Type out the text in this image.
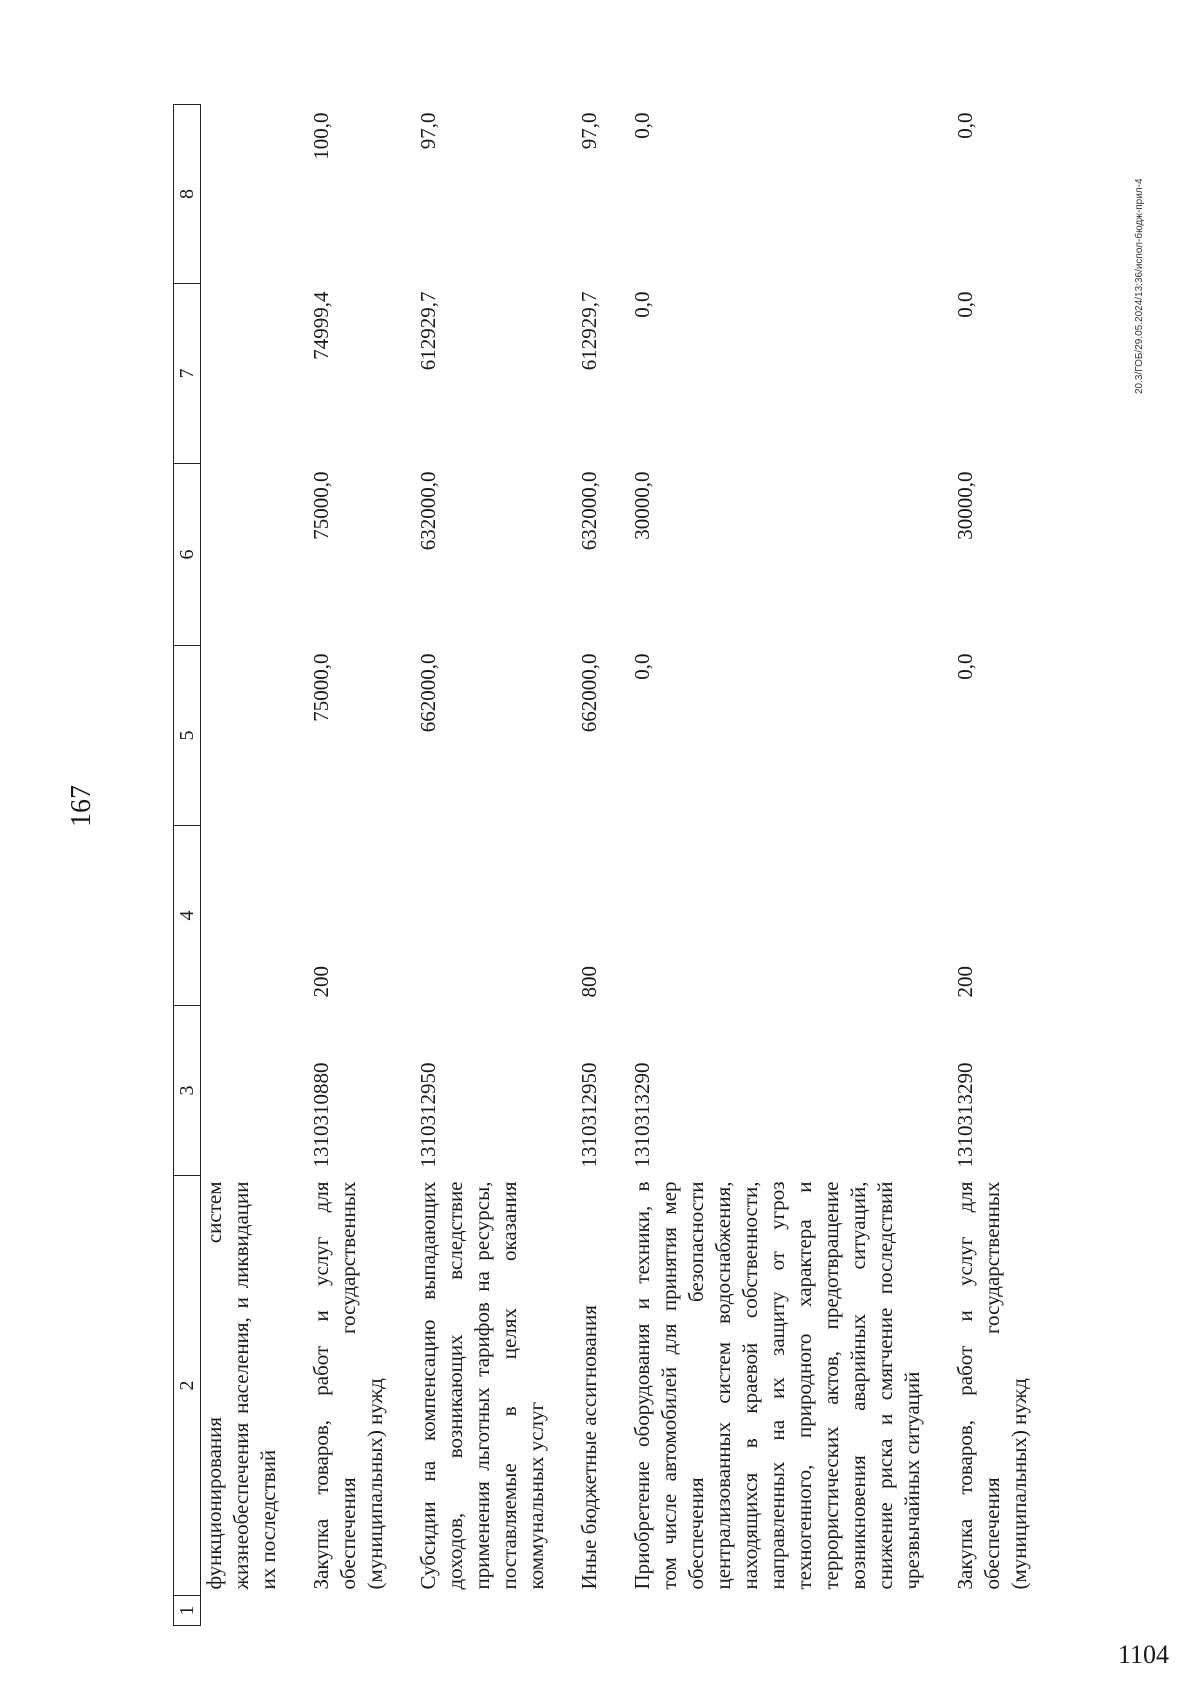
167
1	2	3	4	5	6	7	8
	функционирования систем жизнеобеспечения населения, и ликвидации их последствий						
	Закупка товаров, работ и услуг для обеспечения государственных (муниципальных) нужд	1310310880	200	75000,0	75000,0	74999,4	100,0
	Субсидии на компенсацию выпадающих доходов, возникающих вследствие применения льготных тарифов на ресурсы, поставляемые в целях оказания коммунальных услуг	1310312950		662000,0	632000,0	612929,7	97,0
	Иные бюджетные ассигнования	1310312950	800	662000,0	632000,0	612929,7	97,0
	Приобретение оборудования и техники, в том числе автомобилей для принятия мер обеспечения безопасности централизованных систем водоснабжения, находящихся в краевой собственности, направленных на их защиту от угроз техногенного, природного характера и террористических актов, предотвращение возникновения аварийных ситуаций, снижение риска и смягчение последствий чрезвычайных ситуаций	1310313290		0,0	30000,0	0,0	0,0
	Закупка товаров, работ и услуг для обеспечения государственных (муниципальных) нужд	1310313290	200	0,0	30000,0	0,0	0,0
20.3/ГОБ/29.05.2024/13:36/испол-бюдж-прил-4
1104
